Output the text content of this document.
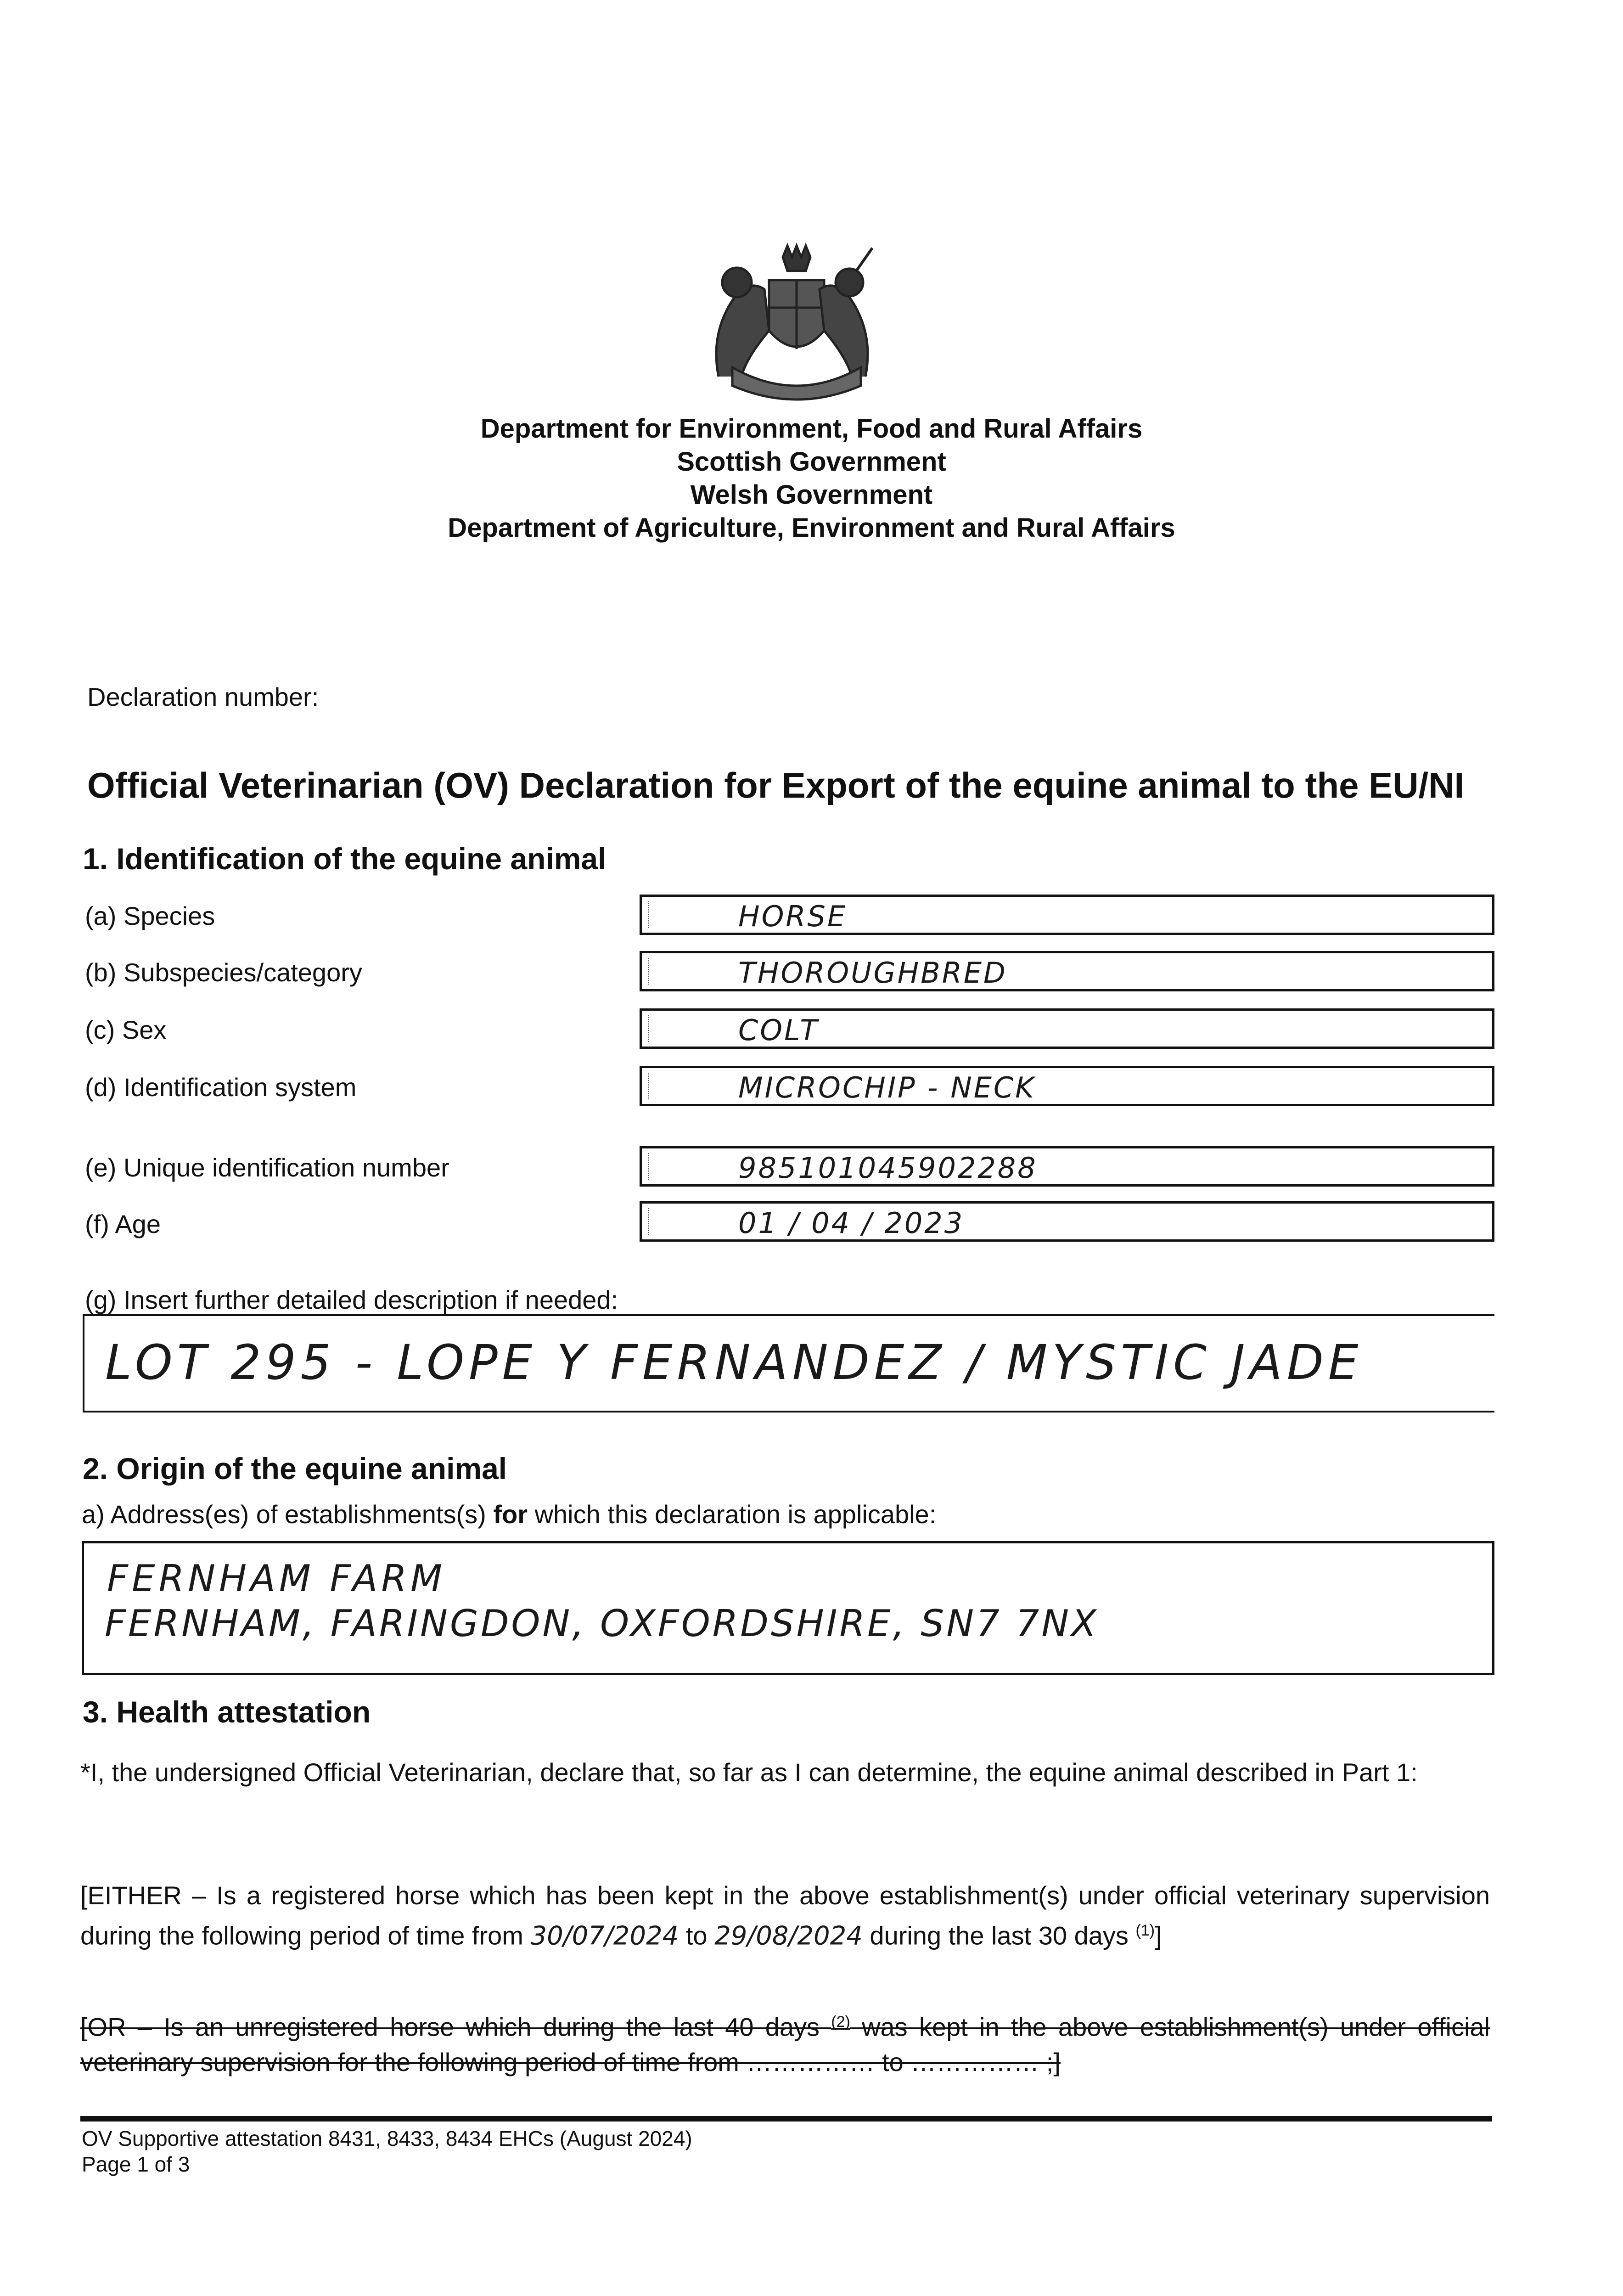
Department for Environment, Food and Rural Affairs
Scottish Government
Welsh Government
Department of Agriculture, Environment and Rural Affairs
Declaration number:
Official Veterinarian (OV) Declaration for Export of the equine animal to the EU/NI
1. Identification of the equine animal
(a) Species	HORSE
(b) Subspecies/category	THOROUGHBRED
(c) Sex	COLT
(d) Identification system	MICROCHIP - NECK
(e) Unique identification number	985101045902288
(f) Age	01 / 04 / 2023
(g) Insert further detailed description if needed:
LOT 295 - LOPE Y FERNANDEZ / MYSTIC JADE
2. Origin of the equine animal
a) Address(es) of establishments(s) for which this declaration is applicable:
FERNHAM FARM
FERNHAM, FARINGDON, OXFORDSHIRE, SN7 7NX
3. Health attestation
*I, the undersigned Official Veterinarian, declare that, so far as I can determine, the equine animal described in Part 1:
[EITHER – Is a registered horse which has been kept in the above establishment(s) under official veterinary supervision during the following period of time from 30/07/2024 to 29/08/2024 during the last 30 days $^{(1)}$]
[OR – Is an unregistered horse which during the last 40 days $^{(2)}$ was kept in the above establishment(s) under official veterinary supervision for the following period of time from …………… to …………… ;]
OV Supportive attestation 8431, 8433, 8434 EHCs (August 2024)
Page 1 of 3
